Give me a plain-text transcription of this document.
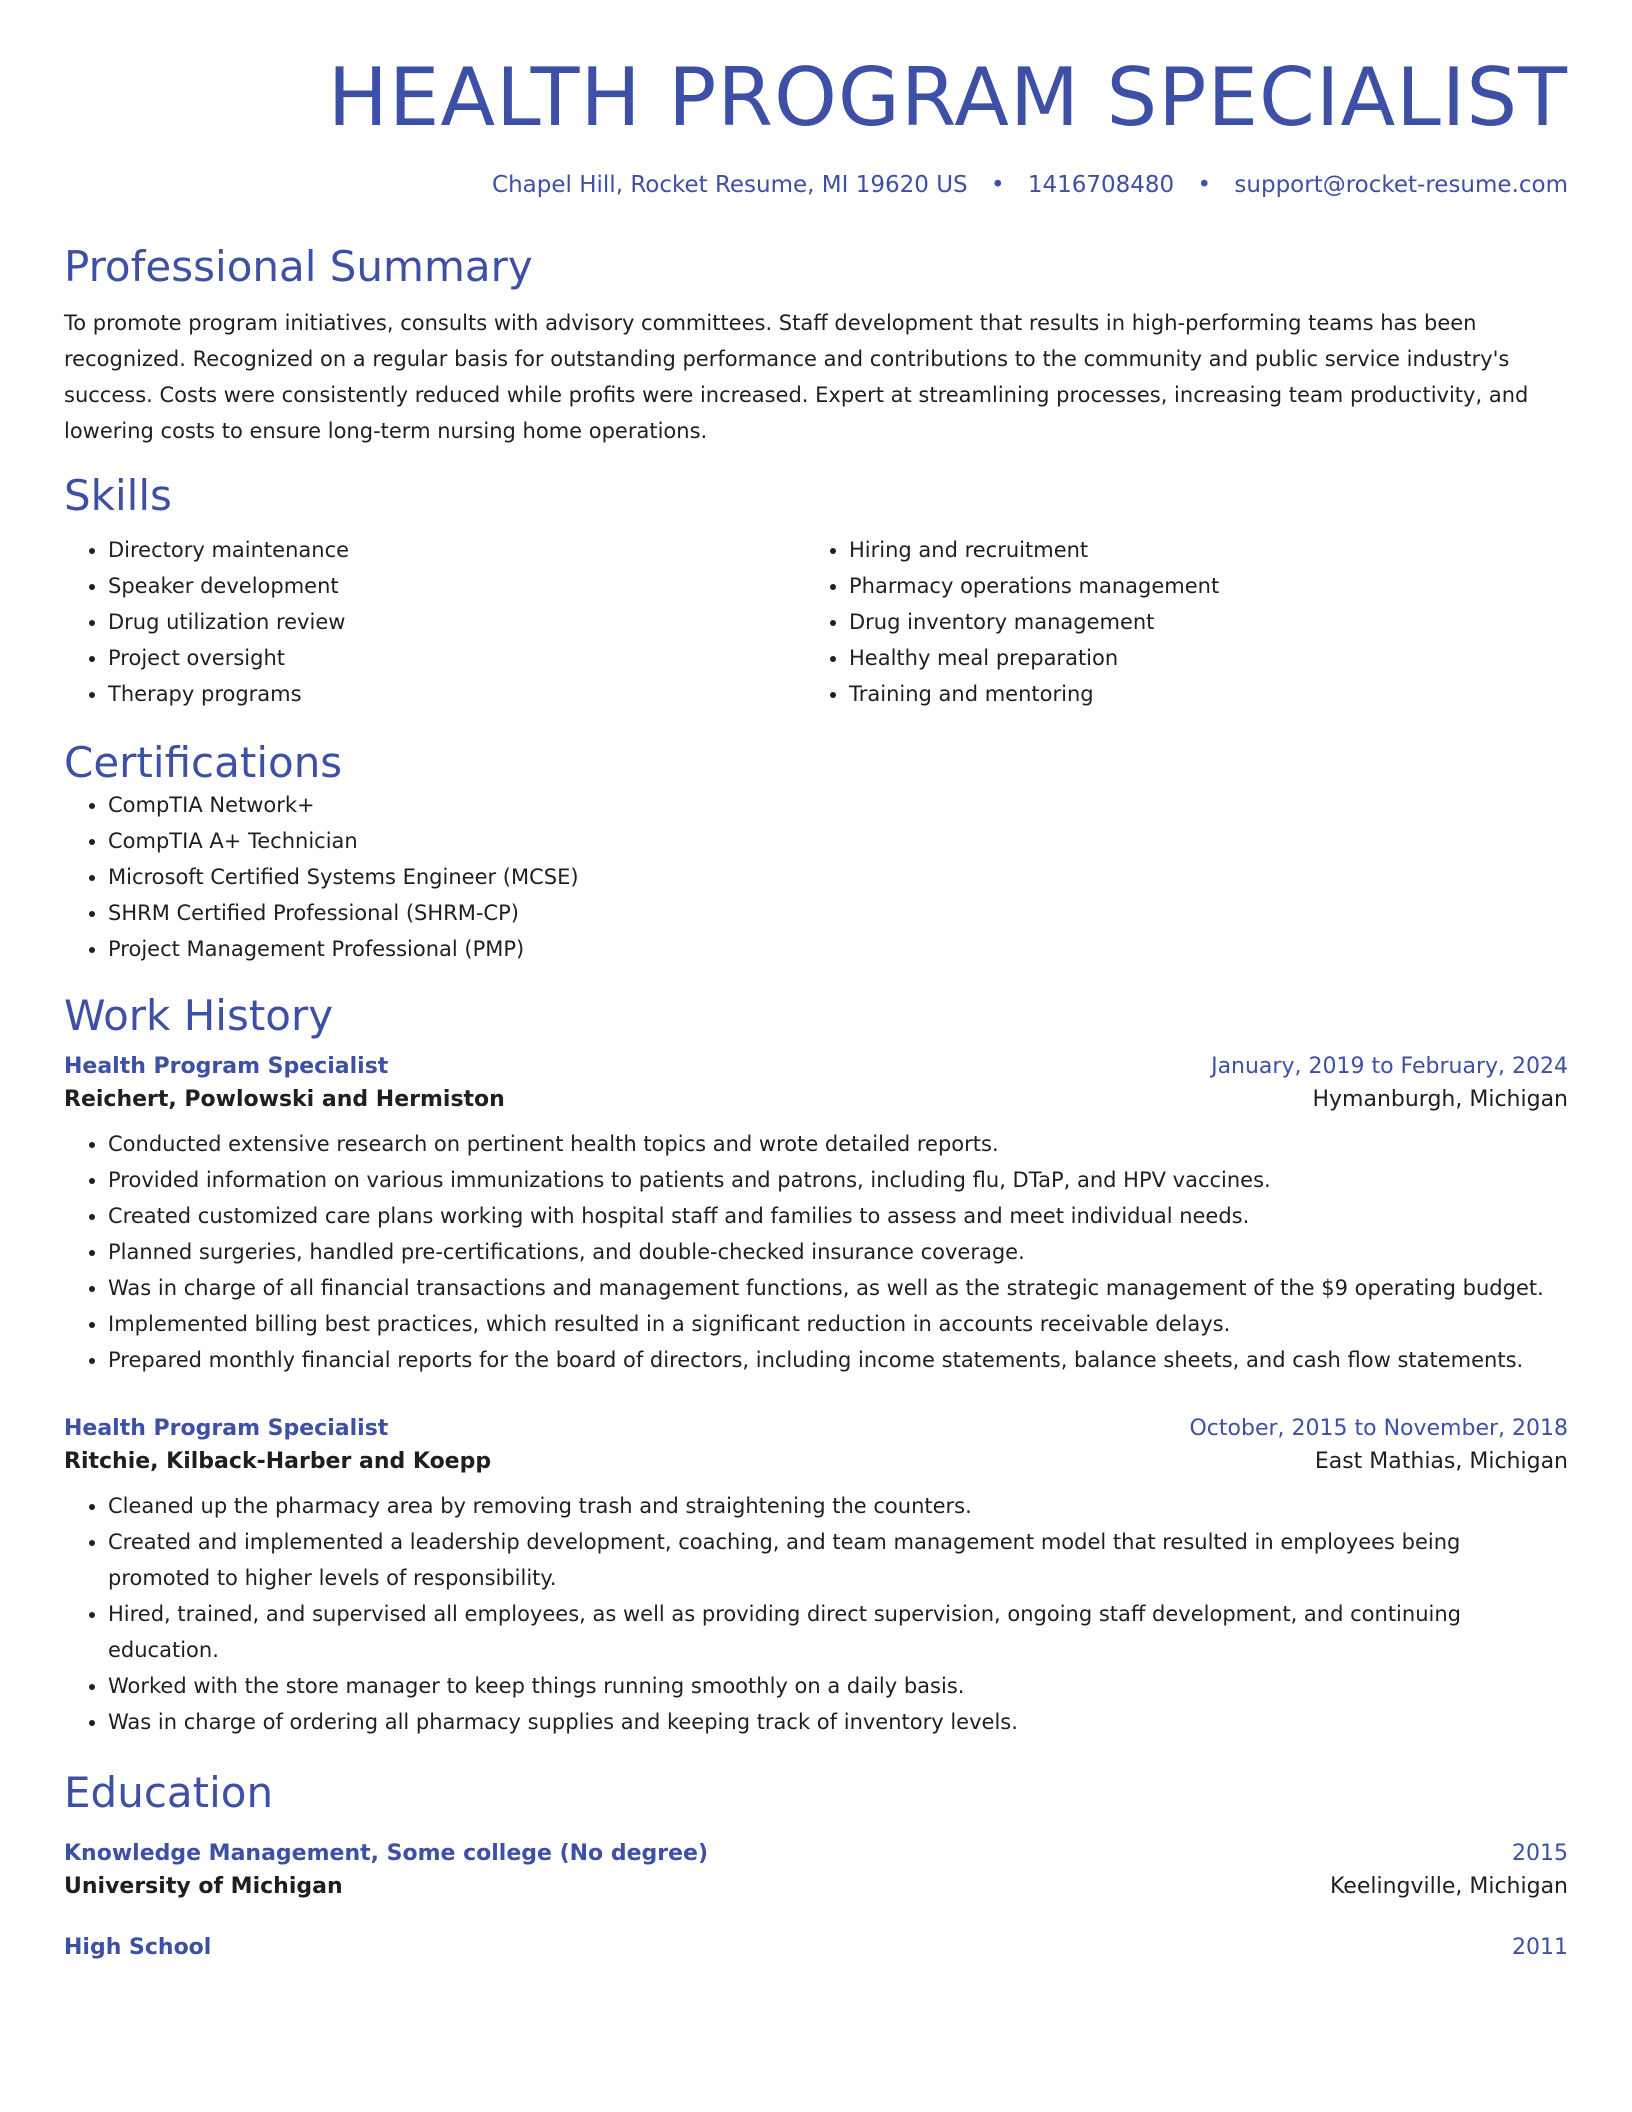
HEALTH PROGRAM SPECIALIST
Chapel Hill, Rocket Resume, MI 19620 US • 1416708480 • support@rocket-resume.com
Professional Summary

To promote program initiatives, consults with advisory committees. Staff development that results in high-performing teams has been recognized. Recognized on a regular basis for outstanding performance and contributions to the community and public service industry's success. Costs were consistently reduced while profits were increased. Expert at streamlining processes, increasing team productivity, and lowering costs to ensure long-term nursing home operations.

Skills
• Directory maintenance
• Speaker development
• Drug utilization review
• Project oversight
• Therapy programs
• Hiring and recruitment
• Pharmacy operations management
• Drug inventory management
• Healthy meal preparation
• Training and mentoring
Certifications
• CompTIA Network+
• CompTIA A+ Technician
• Microsoft Certified Systems Engineer (MCSE)
• SHRM Certified Professional (SHRM-CP)
• Project Management Professional (PMP)
Work History
Health Program Specialist	January, 2019 to February, 2024
Reichert, Powlowski and Hermiston	Hymanburgh, Michigan
• Conducted extensive research on pertinent health topics and wrote detailed reports.
• Provided information on various immunizations to patients and patrons, including flu, DTaP, and HPV vaccines.
• Created customized care plans working with hospital staff and families to assess and meet individual needs.
• Planned surgeries, handled pre-certifications, and double-checked insurance coverage.
• Was in charge of all financial transactions and management functions, as well as the strategic management of the $9 operating budget.
• Implemented billing best practices, which resulted in a significant reduction in accounts receivable delays.
• Prepared monthly financial reports for the board of directors, including income statements, balance sheets, and cash flow statements.
Health Program Specialist	October, 2015 to November, 2018
Ritchie, Kilback-Harber and Koepp	East Mathias, Michigan
• Cleaned up the pharmacy area by removing trash and straightening the counters.
• Created and implemented a leadership development, coaching, and team management model that resulted in employees being promoted to higher levels of responsibility.
• Hired, trained, and supervised all employees, as well as providing direct supervision, ongoing staff development, and continuing education.
• Worked with the store manager to keep things running smoothly on a daily basis.
• Was in charge of ordering all pharmacy supplies and keeping track of inventory levels.
Education
Knowledge Management, Some college (No degree)	2015
University of Michigan	Keelingville, Michigan
High School	2011
